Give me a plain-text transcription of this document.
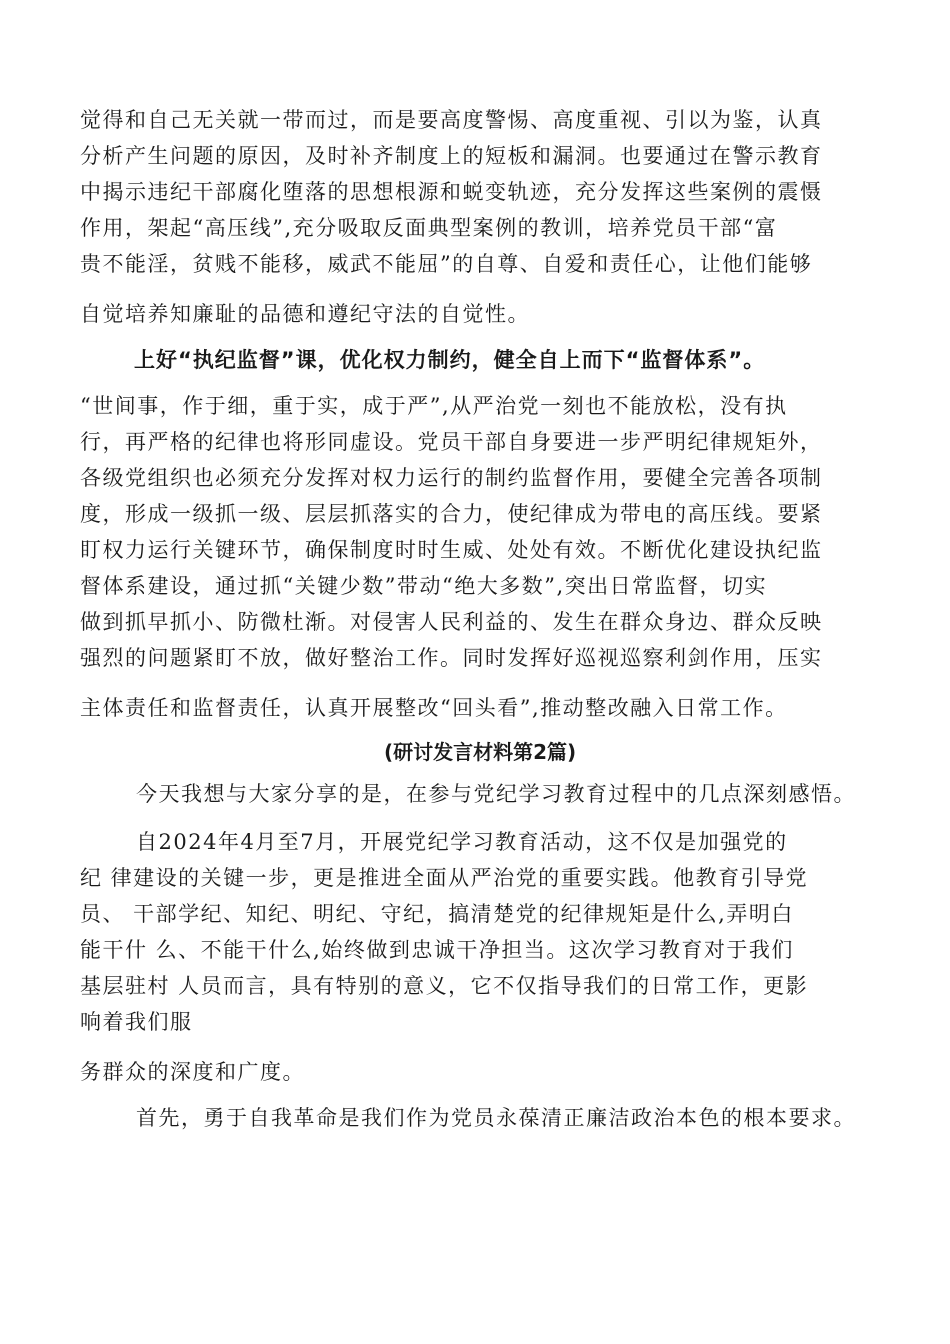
觉得和自己无关就一带而过，而是要高度警惕、高度重视、引以为鉴，认真
分析产生问题的原因，及时补齐制度上的短板和漏洞。也要通过在警示教育
中揭示违纪干部腐化堕落的思想根源和蜕变轨迹，充分发挥这些案例的震慑
作用，架起“高压线”,充分吸取反面典型案例的教训，培养党员干部“富
贵不能淫，贫贱不能移，威武不能屈”的自尊、自爱和责任心，让他们能够
自觉培养知廉耻的品德和遵纪守法的自觉性。
上好“执纪监督”课，优化权力制约，健全自上而下“监督体系”。
“世间事，作于细，重于实，成于严”,从严治党一刻也不能放松，没有执
行，再严格的纪律也将形同虚设。党员干部自身要进一步严明纪律规矩外，
各级党组织也必须充分发挥对权力运行的制约监督作用，要健全完善各项制
度，形成一级抓一级、层层抓落实的合力，使纪律成为带电的高压线。要紧
盯权力运行关键环节，确保制度时时生威、处处有效。不断优化建设执纪监
督体系建设，通过抓“关键少数”带动“绝大多数”,突出日常监督，切实
做到抓早抓小、防微杜渐。对侵害人民利益的、发生在群众身边、群众反映
强烈的问题紧盯不放，做好整治工作。同时发挥好巡视巡察利剑作用，压实
主体责任和监督责任，认真开展整改“回头看”,推动整改融入日常工作。
(研讨发言材料第2篇)
今天我想与大家分享的是，在参与党纪学习教育过程中的几点深刻感悟。
自2024年4月至7月，开展党纪学习教育活动，这不仅是加强党的
纪 律建设的关键一步，更是推进全面从严治党的重要实践。他教育引导党
员、 干部学纪、知纪、明纪、守纪，搞清楚党的纪律规矩是什么,弄明白
能干什 么、不能干什么,始终做到忠诚干净担当。这次学习教育对于我们
基层驻村 人员而言，具有特别的意义，它不仅指导我们的日常工作，更影
响着我们服
务群众的深度和广度。
首先，勇于自我革命是我们作为党员永葆清正廉洁政治本色的根本要求。
